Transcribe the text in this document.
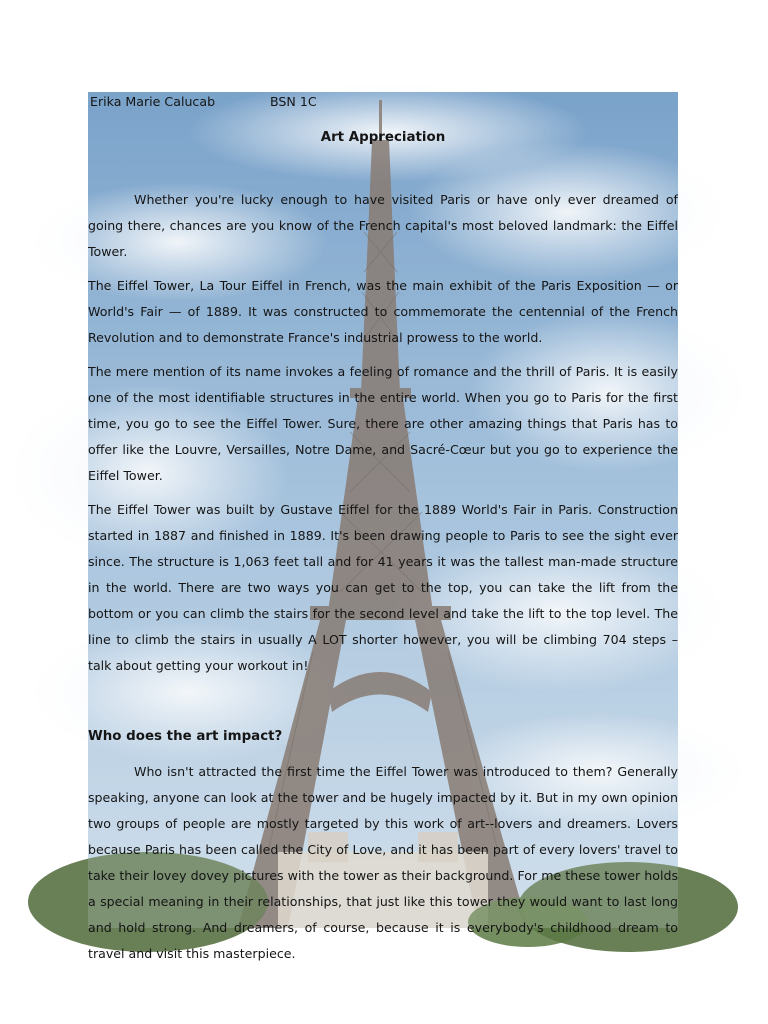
Erika Marie Calucab	BSN 1C
Art Appreciation

Whether you're lucky enough to have visited Paris or have only ever dreamed of going there, chances are you know of the French capital's most beloved landmark: the Eiffel Tower.

The Eiffel Tower, La Tour Eiffel in French, was the main exhibit of the Paris Exposition — or World's Fair — of 1889. It was constructed to commemorate the centennial of the French Revolution and to demonstrate France's industrial prowess to the world.

The mere mention of its name invokes a feeling of romance and the thrill of Paris. It is easily one of the most identifiable structures in the entire world. When you go to Paris for the first time, you go to see the Eiffel Tower. Sure, there are other amazing things that Paris has to offer like the Louvre, Versailles, Notre Dame, and Sacré-Cœur but you go to experience the Eiffel Tower.

The Eiffel Tower was built by Gustave Eiffel for the 1889 World's Fair in Paris. Construction started in 1887 and finished in 1889. It's been drawing people to Paris to see the sight ever since. The structure is 1,063 feet tall and for 41 years it was the tallest man-made structure in the world. There are two ways you can get to the top, you can take the lift from the bottom or you can climb the stairs for the second level and take the lift to the top level. The line to climb the stairs in usually A LOT shorter however, you will be climbing 704 steps – talk about getting your workout in!

Who does the art impact?

Who isn't attracted the first time the Eiffel Tower was introduced to them? Generally speaking, anyone can look at the tower and be hugely impacted by it. But in my own opinion two groups of people are mostly targeted by this work of art--lovers and dreamers. Lovers because Paris has been called the City of Love, and it has been part of every lovers' travel to take their lovey dovey pictures with the tower as their background. For me these tower holds a special meaning in their relationships, that just like this tower they would want to last long and hold strong. And dreamers, of course, because it is everybody's childhood dream to travel and visit this masterpiece.
